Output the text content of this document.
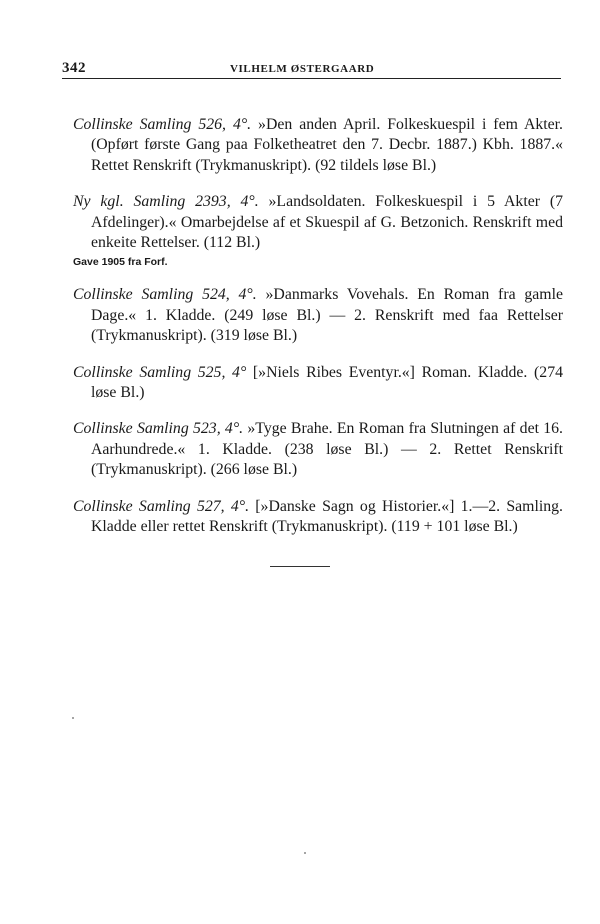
342	VILHELM ØSTERGAARD

Collinske Samling 526, 4°. »Den anden April. Folkeskuespil i fem Akter. (Opført første Gang paa Folketheatret den 7. Decbr. 1887.) Kbh. 1887.« Rettet Renskrift (Trykmanuskript). (92 tildels løse Bl.)

Ny kgl. Samling 2393, 4°. »Landsoldaten. Folkeskuespil i 5 Akter (7 Afdelinger).« Omarbejdelse af et Skuespil af G. Betzonich. Renskrift med enkeite Rettelser. (112 Bl.)
Gave 1905 fra Forf.

Collinske Samling 524, 4°. »Danmarks Vovehals. En Roman fra gamle Dage.« 1. Kladde. (249 løse Bl.) — 2. Renskrift med faa Rettelser (Trykmanuskript). (319 løse Bl.)

Collinske Samling 525, 4° [»Niels Ribes Eventyr.«] Roman. Kladde. (274 løse Bl.)

Collinske Samling 523, 4°. »Tyge Brahe. En Roman fra Slutningen af det 16. Aarhundrede.« 1. Kladde. (238 løse Bl.) — 2. Rettet Renskrift (Trykmanuskript). (266 løse Bl.)

Collinske Samling 527, 4°. [»Danske Sagn og Historier.«] 1.—2. Samling. Kladde eller rettet Renskrift (Trykmanuskript). (119 + 101 løse Bl.)
